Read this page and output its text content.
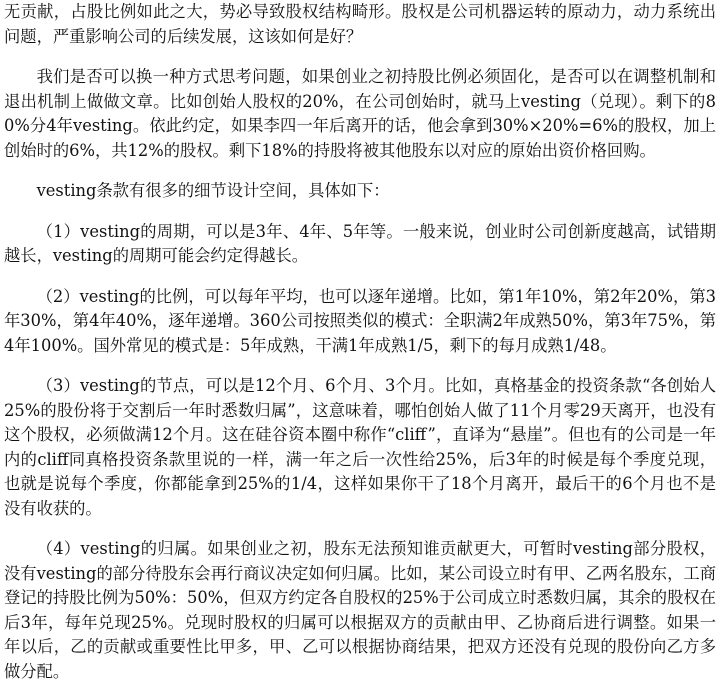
无贡献，占股比例如此之大，势必导致股权结构畸形。股权是公司机器运转的原动力，动力系统出问题，严重影响公司的后续发展，这该如何是好？

我们是否可以换一种方式思考问题，如果创业之初持股比例必须固化，是否可以在调整机制和退出机制上做做文章。比如创始人股权的20%，在公司创始时，就马上vesting（兑现）。剩下的80%分4年vesting。依此约定，如果李四一年后离开的话，他会拿到30%×20%=6%的股权，加上创始时的6%，共12%的股权。剩下18%的持股将被其他股东以对应的原始出资价格回购。

vesting条款有很多的细节设计空间，具体如下：

（1）vesting的周期，可以是3年、4年、5年等。一般来说，创业时公司创新度越高，试错期越长，vesting的周期可能会约定得越长。

（2）vesting的比例，可以每年平均，也可以逐年递增。比如，第1年10%，第2年20%，第3年30%，第4年40%，逐年递增。360公司按照类似的模式：全职满2年成熟50%，第3年75%，第4年100%。国外常见的模式是：5年成熟，干满1年成熟1/5，剩下的每月成熟1/48。

（3）vesting的节点，可以是12个月、6个月、3个月。比如，真格基金的投资条款“各创始人25%的股份将于交割后一年时悉数归属”，这意味着，哪怕创始人做了11个月零29天离开，也没有这个股权，必须做满12个月。这在硅谷资本圈中称作“cliff”，直译为“悬崖”。但也有的公司是一年内的cliff同真格投资条款里说的一样，满一年之后一次性给25%，后3年的时候是每个季度兑现，也就是说每个季度，你都能拿到25%的1/4，这样如果你干了18个月离开，最后干的6个月也不是没有收获的。

（4）vesting的归属。如果创业之初，股东无法预知谁贡献更大，可暂时vesting部分股权，没有vesting的部分待股东会再行商议决定如何归属。比如，某公司设立时有甲、乙两名股东，工商登记的持股比例为50%：50%，但双方约定各自股权的25%于公司成立时悉数归属，其余的股权在后3年，每年兑现25%。兑现时股权的归属可以根据双方的贡献由甲、乙协商后进行调整。如果一年以后，乙的贡献或重要性比甲多，甲、乙可以根据协商结果，把双方还没有兑现的股份向乙方多做分配。
